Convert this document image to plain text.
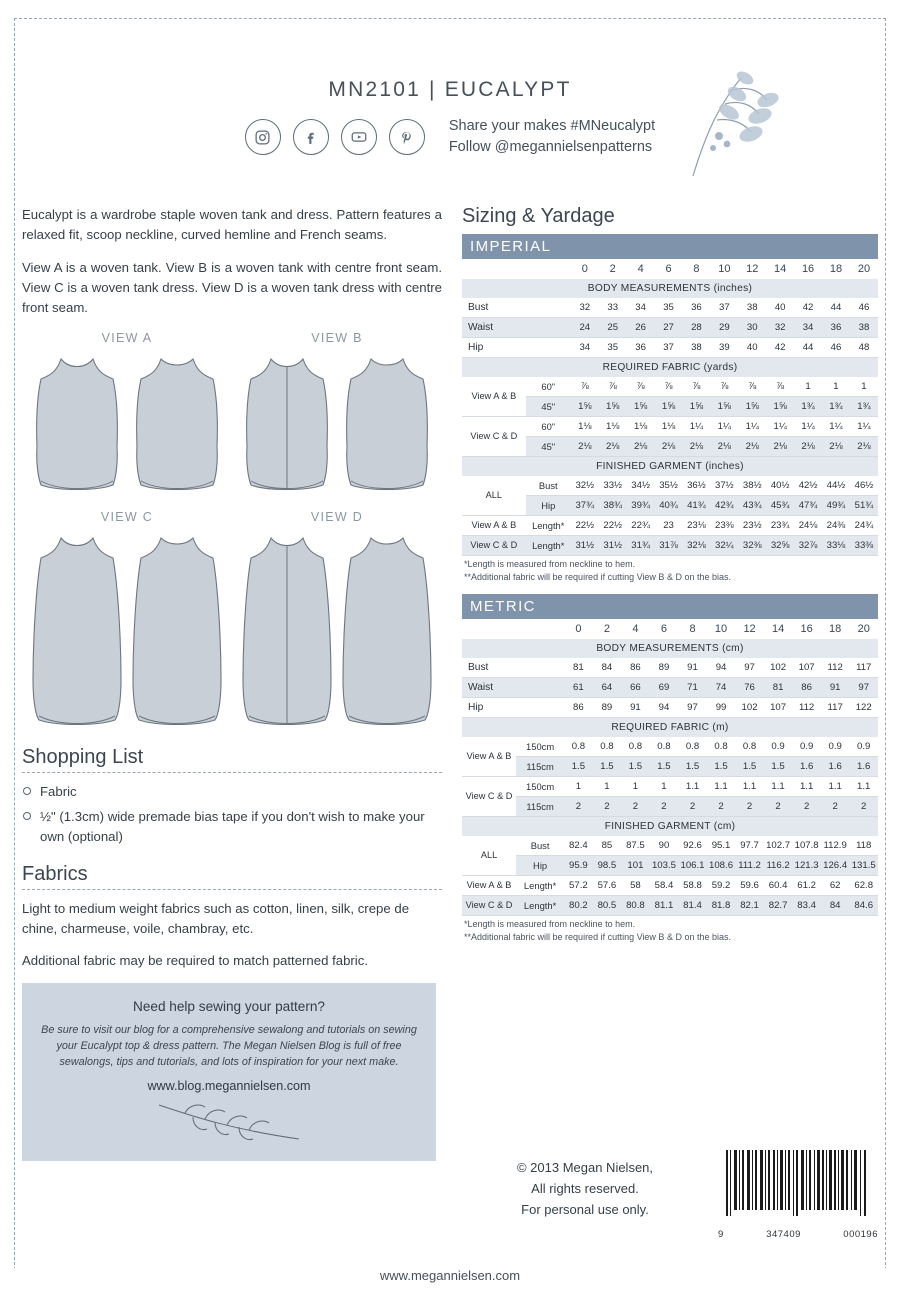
MN2101 | EUCALYPT
Share your makes #MNeucalypt
Follow @megannielsenpatterns

Eucalypt is a wardrobe staple woven tank and dress. Pattern features a relaxed fit, scoop neckline, curved hemline and French seams.

View A is a woven tank. View B is a woven tank with centre front seam. View C is a woven tank dress. View D is a woven tank dress with centre front seam.

VIEW A	VIEW B
VIEW C	VIEW D
Shopping List
Fabric
½" (1.3cm) wide premade bias tape if you don't wish to make your own (optional)
Fabrics

Light to medium weight fabrics such as cotton, linen, silk, crepe de chine, charmeuse, voile, chambray, etc.

Additional fabric may be required to match patterned fabric.

Need help sewing your pattern?

Be sure to visit our blog for a comprehensive sewalong and tutorials on sewing your Eucalypt top & dress pattern. The Megan Nielsen Blog is full of free sewalongs, tips and tutorials, and lots of inspiration for your next make.

www.blog.megannielsen.com
Sizing & Yardage
IMPERIAL
		0	2	4	6	8	10	12	14	16	18	20
BODY MEASUREMENTS (inches)												
Bust		32	33	34	35	36	37	38	40	42	44	46
Waist		24	25	26	27	28	29	30	32	34	36	38
Hip		34	35	36	37	38	39	40	42	44	46	48
REQUIRED FABRIC (yards)												
View A & B	60"	⅞	⅞	⅞	⅞	⅞	⅞	⅞	⅞	1	1	1
	45"	1⅝	1⅝	1⅝	1⅝	1⅝	1⅝	1⅝	1⅝	1¾	1¾	1¾
View C & D	60"	1⅛	1⅛	1⅛	1⅛	1¼	1¼	1¼	1¼	1¼	1¼	1¼
	45"	2⅛	2⅛	2⅛	2⅛	2⅛	2⅛	2⅛	2⅛	2⅛	2⅛	2⅛
FINISHED GARMENT (inches)												
ALL	Bust	32½	33½	34½	35½	36½	37½	38½	40½	42½	44½	46½
	Hip	37¾	38¾	39¾	40¾	41¾	42¾	43¾	45¾	47¾	49¾	51¾
View A & B	Length*	22½	22½	22¾	23	23⅛	23⅜	23½	23¾	24⅛	24⅜	24¾
View C & D	Length*	31½	31½	31¾	31⅞	32⅛	32¼	32⅜	32⅝	32⅞	33⅛	33⅜
*Length is measured from neckline to hem.
**Additional fabric will be required if cutting View B & D on the bias.
METRIC
		0	2	4	6	8	10	12	14	16	18	20
BODY MEASUREMENTS (cm)												
Bust		81	84	86	89	91	94	97	102	107	112	117
Waist		61	64	66	69	71	74	76	81	86	91	97
Hip		86	89	91	94	97	99	102	107	112	117	122
REQUIRED FABRIC (m)												
View A & B	150cm	0.8	0.8	0.8	0.8	0.8	0.8	0.8	0.9	0.9	0.9	0.9
	115cm	1.5	1.5	1.5	1.5	1.5	1.5	1.5	1.5	1.6	1.6	1.6
View C & D	150cm	1	1	1	1	1.1	1.1	1.1	1.1	1.1	1.1	1.1
	115cm	2	2	2	2	2	2	2	2	2	2	2
FINISHED GARMENT (cm)												
ALL	Bust	82.4	85	87.5	90	92.6	95.1	97.7	102.7	107.8	112.9	118
	Hip	95.9	98.5	101	103.5	106.1	108.6	111.2	116.2	121.3	126.4	131.5
View A & B	Length*	57.2	57.6	58	58.4	58.8	59.2	59.6	60.4	61.2	62	62.8
View C & D	Length*	80.2	80.5	80.8	81.1	81.4	81.8	82.1	82.7	83.4	84	84.6
*Length is measured from neckline to hem.
**Additional fabric will be required if cutting View B & D on the bias.
© 2013 Megan Nielsen,
All rights reserved.
For personal use only.
9	347409	000196
www.megannielsen.com
